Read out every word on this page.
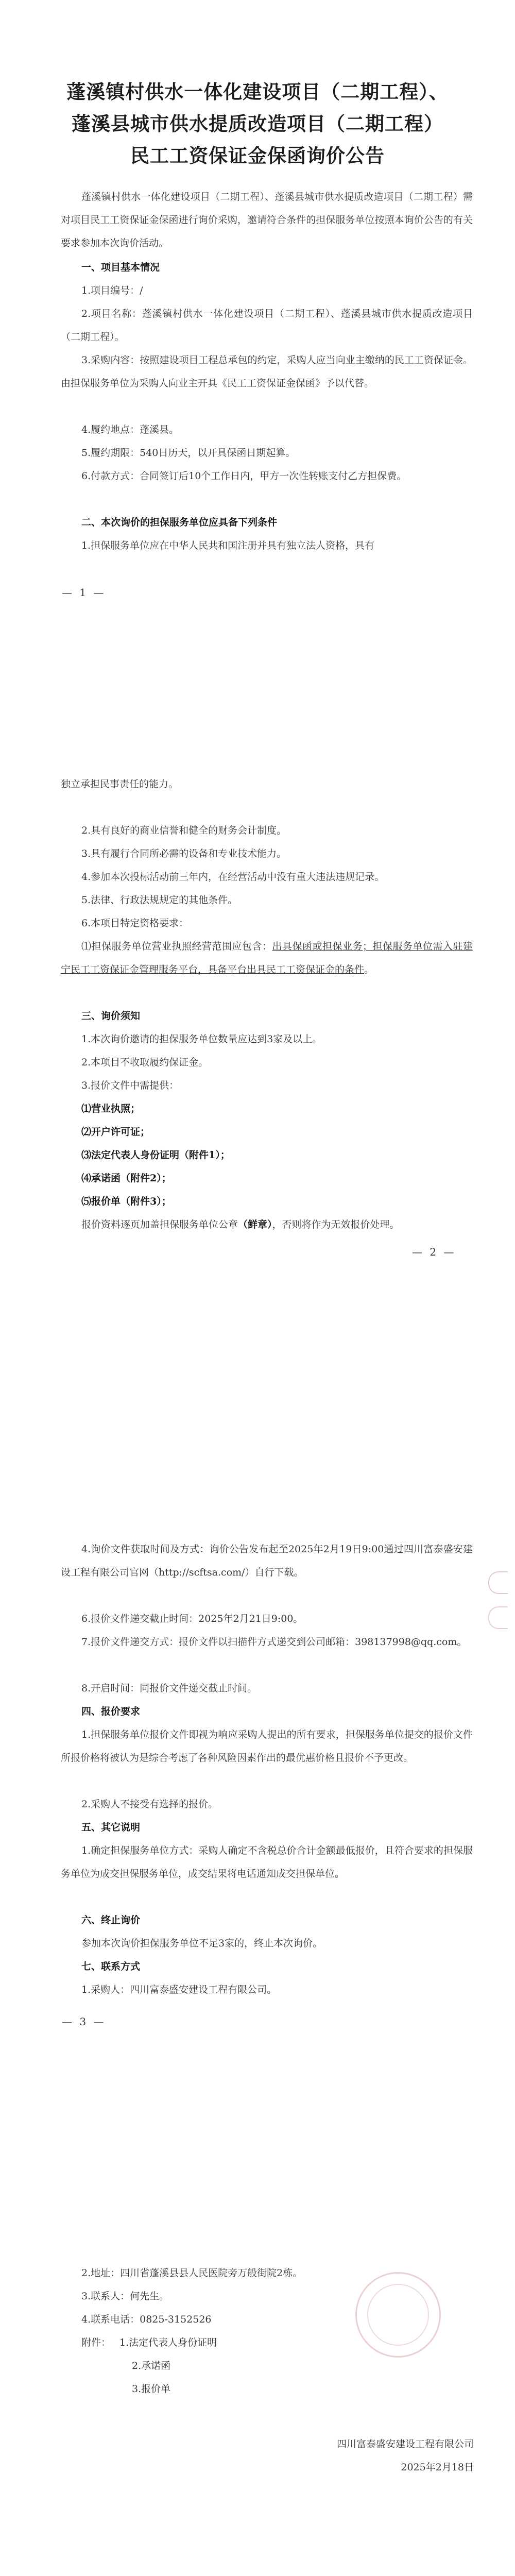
蓬溪镇村供水一体化建设项目（二期工程）、
蓬溪县城市供水提质改造项目（二期工程）
民工工资保证金保函询价公告
蓬溪镇村供水一体化建设项目（二期工程）、蓬溪县城市供水提质改造项目（二期工程）需对项目民工工资保证金保函进行询价采购，邀请符合条件的担保服务单位按照本询价公告的有关要求参加本次询价活动。
一、项目基本情况
1.项目编号：/
2.项目名称：蓬溪镇村供水一体化建设项目（二期工程）、蓬溪县城市供水提质改造项目（二期工程）。
3.采购内容：按照建设项目工程总承包的约定，采购人应当向业主缴纳的民工工资保证金。由担保服务单位为采购人向业主开具《民工工资保证金保函》予以代替。
4.履约地点：蓬溪县。
5.履约期限：540日历天，以开具保函日期起算。
6.付款方式：合同签订后10个工作日内，甲方一次性转账支付乙方担保费。
二、本次询价的担保服务单位应具备下列条件
1.担保服务单位应在中华人民共和国注册并具有独立法人资格，具有
— 1 —
独立承担民事责任的能力。
2.具有良好的商业信誉和健全的财务会计制度。
3.具有履行合同所必需的设备和专业技术能力。
4.参加本次投标活动前三年内，在经营活动中没有重大违法违规记录。
5.法律、行政法规规定的其他条件。
6.本项目特定资格要求：
⑴担保服务单位营业执照经营范围应包含：出具保函或担保业务；担保服务单位需入驻建宁民工工资保证金管理服务平台，具备平台出具民工工资保证金的条件。
三、询价须知
1.本次询价邀请的担保服务单位数量应达到3家及以上。
2.本项目不收取履约保证金。
3.报价文件中需提供：
⑴营业执照；
⑵开户许可证；
⑶法定代表人身份证明（附件1）；
⑷承诺函（附件2）；
⑸报价单（附件3）；
报价资料逐页加盖担保服务单位公章（鲜章），否则将作为无效报价处理。
— 2 —
4.询价文件获取时间及方式：询价公告发布起至2025年2月19日9:00通过四川富泰盛安建设工程有限公司官网（http://scftsa.com/）自行下载。
6.报价文件递交截止时间：2025年2月21日9:00。
7.报价文件递交方式：报价文件以扫描件方式递交到公司邮箱：398137998@qq.com。
8.开启时间：同报价文件递交截止时间。
四、报价要求
1.担保服务单位报价文件即视为响应采购人提出的所有要求，担保服务单位提交的报价文件所报价格将被认为是综合考虑了各种风险因素作出的最优惠价格且报价不予更改。
2.采购人不接受有选择的报价。
五、其它说明
1.确定担保服务单位方式：采购人确定不含税总价合计金额最低报价，且符合要求的担保服务单位为成交担保服务单位，成交结果将电话通知成交担保单位。
六、终止询价
参加本次询价担保服务单位不足3家的，终止本次询价。
七、联系方式
1.采购人：四川富泰盛安建设工程有限公司。
— 3 —
2.地址：四川省蓬溪县县人民医院旁万般街院2栋。
3.联系人：何先生。
4.联系电话：0825-3152526
附件： 1.法定代表人身份证明
2.承诺函
3.报价单
四川富泰盛安建设工程有限公司
2025年2月18日
